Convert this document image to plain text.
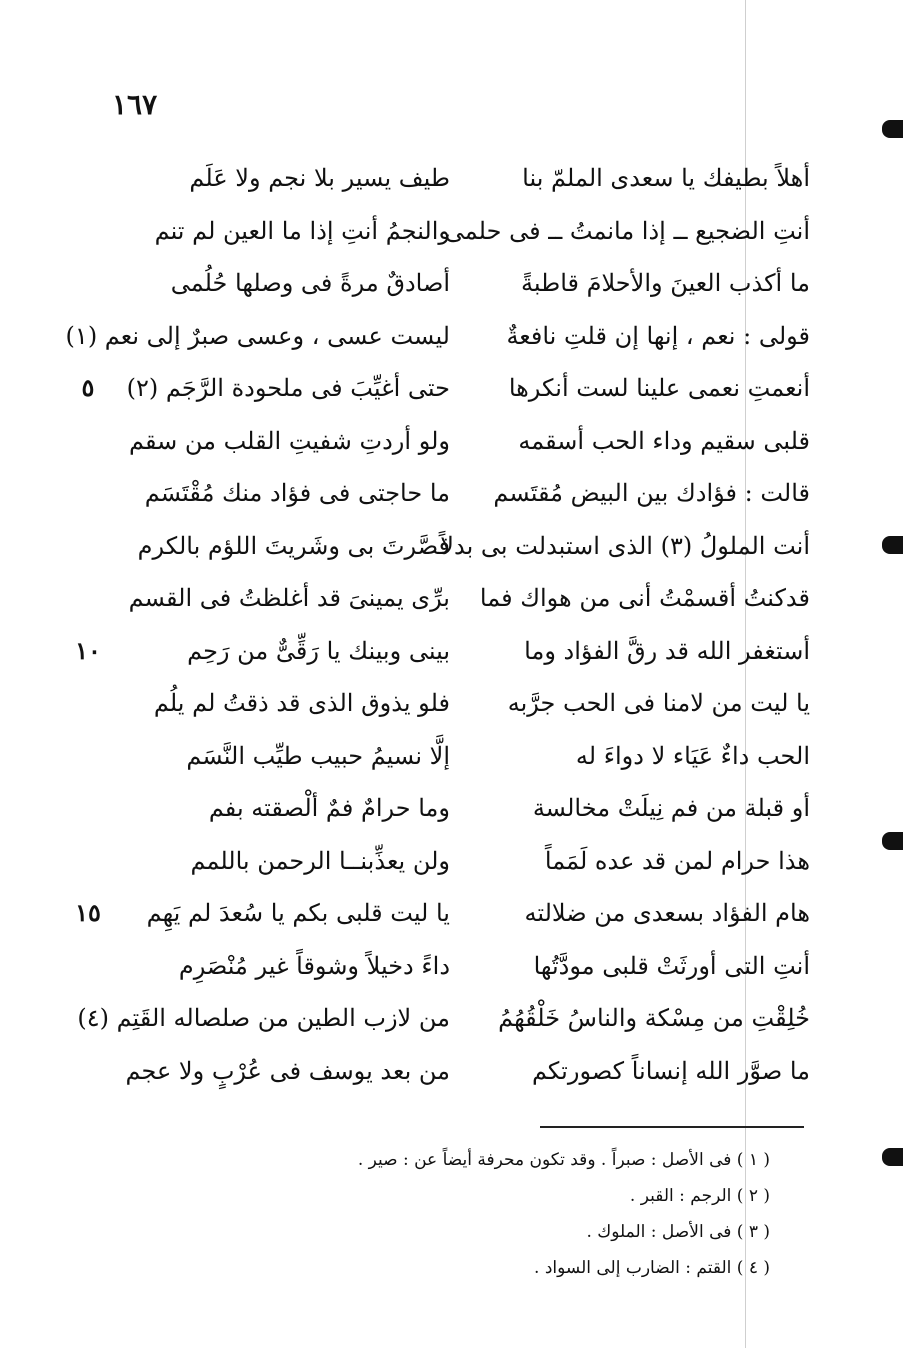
١٦٧
أهلاً بطيفك يا سعدى الملمّ بنا
طيف يسير بلا نجم ولا عَلَم
أنتِ الضجيع ــ إذا مانمتُ ــ فى حلمى
والنجمُ أنتِ إذا ما العين لم تنم
ما أكذب العينَ والأحلامَ قاطبةً
أصادقٌ مرةً فى وصلها حُلُمى
قولى : نعم ، إنها إن قلتِ نافعةٌ
ليست عسى ، وعسى صبرٌ إلى نعم (١)
أنعمتِ نعمى علينا لست أنكرها
حتى أغيِّبَ فى ملحودة الرَّجَم (٢)
٥
قلبى سقيم وداء الحب أسقمه
ولو أردتِ شفيتِ القلب من سقم
قالت : فؤادك بين البيض مُقتَسم
ما حاجتى فى فؤاد منك مُقْتَسَم
أنت الملولُ (٣) الذى استبدلت بى بدلاً
قصَّرتَ بى وشَريتَ اللؤم بالكرم
قدكنتُ أقسمْتُ أنى من هواك فما
برِّى يمينىَ قد أغلظتُ فى القسم
أستغفر الله قد رقَّ الفؤاد وما
بينى وبينك يا رَقِّىٌّ من رَحِم
١٠
يا ليت من لامنا فى الحب جرَّبه
فلو يذوق الذى قد ذقتُ لم يلُم
الحب داءٌ عَيَاء لا دواءَ له
إلَّا نسيمُ حبيب طيِّب النَّسَم
أو قبلة من فم نِيلَتْ مخالسة
وما حرامٌ فمٌ ألْصقته بفم
هذا حرام لمن قد عده لَمَماً
ولن يعذِّبنــا الرحمن باللمم
هام الفؤاد بسعدى من ضلالته
يا ليت قلبى بكم يا سُعدَ لم يَهِم
١٥
أنتِ التى أورثَتْ قلبى مودَّتُها
داءً دخيلاً وشوقاً غير مُنْصَرِم
خُلِقْتِ من مِسْكة والناسُ خَلْقُهُمُ
من لازب الطين من صلصاله القَتِم (٤)
ما صوَّر الله إنساناً كصورتكم
من بعد يوسف فى عُرْبٍ ولا عجم
( ١ ) فى الأصل : صبراً . وقد تكون محرفة أيضاً عن : صير .
( ٢ ) الرجم : القبر .
( ٣ ) فى الأصل : الملوك .
( ٤ ) القتم : الضارب إلى السواد .
